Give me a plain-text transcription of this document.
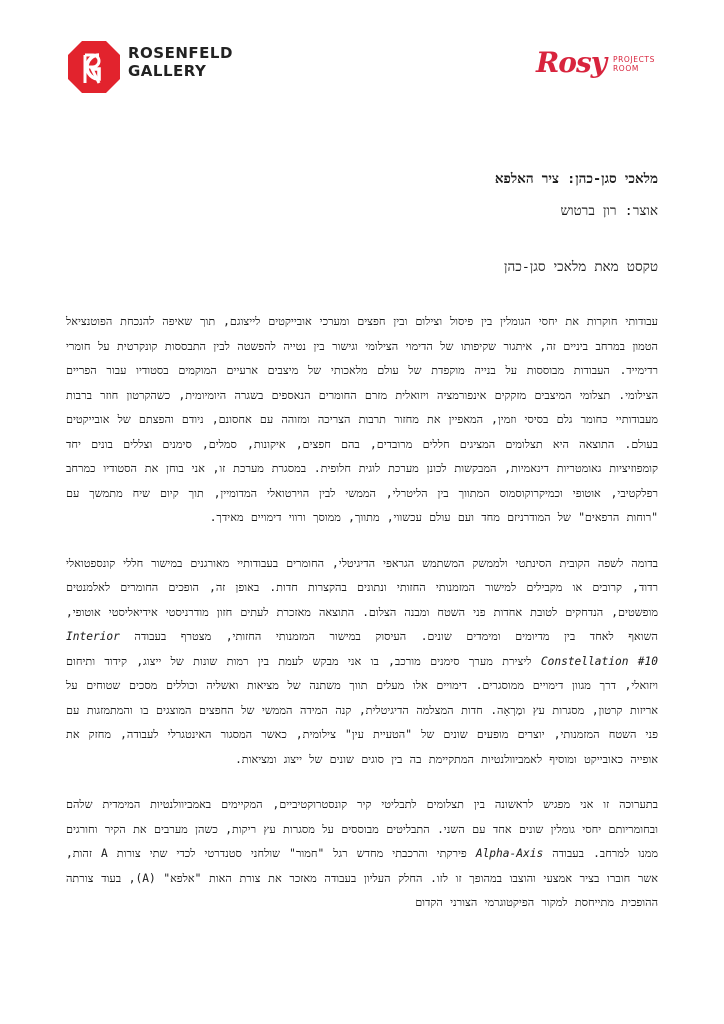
ROSENFELD
GALLERY	Rosy PROJECTS
ROOM
מלאכי סגן-כהן: ציר האלפא
אוצר: רון ברטוש
טקסט מאת מלאכי סגן-כהן

עבודותי חוקרות את יחסי הגומלין בין פיסול וצילום ובין חפצים ומערכי אובייקטים לייצוגם, תוך שאיפה להנכחת הפוטנציאל הטמון במרחב ביניים זה, איתגור שקיפותו של הדימוי הצילומי וגישור בין נטייה להפשטה לבין התבססות קונקרטית על חומרי רדימייד. העבודות מבוססות על בנייה מוקפדת של עולם מלאכותי של מיצבים ארעיים המוקמים בסטודיו עבור הפריים הצילומי. תצלומי המיצבים מזקקים אינפורמציה ויזואלית מזרם החומרים הנאספים בשגרה היומיומית, כשהקרטון חוזר ברבות מעבודותיי כחומר גלם בסיסי וזמין, המאפיין את מחזור תרבות הצריכה ומזוהה עם אחסונם, ניודם והפצתם של אובייקטים בעולם. התוצאה היא תצלומים המציגים חללים מרובדים, בהם חפצים, איקונות, סמלים, סימנים וצללים בונים יחד קומפוזיציות גאומטריות דינאמיות, המבקשות לכונן מערכת לוגית חלופית. במסגרת מערכת זו, אני בוחן את הסטודיו כמרחב רפלקטיבי, אוטופי וכמיקרוקוסמוס המתווך בין הליטרלי, הממשי לבין הוירטואלי המדומיין, תוך קיום שיח מתמשך עם "רוחות הרפאים" של המודרניזם מחד ועם עולם עכשווי, מתווך, ממוסך ורווי דימויים מאידך.

בדומה לשפה הקובית הסינתטי ולממשק המשתמש הגראפי הדיגיטלי, החומרים בעבודותיי מאורגנים במישור חללי קונספטואלי רדוד, קרובים או מקבילים למישור המזמנותי החזותי ונתונים בהקצרות חדות. באופן זה, הופכים החומרים לאלמנטים מופשטים, הנדחקים לטובת אחדות פני השטח ומבנה הצלום. התוצאה מאזכרת לעתים חזון מודרניסטי אידיאליסטי אוטופי, השואף לאחד בין מדיומים ומימדים שונים. העיסוק במישור המזמנותי החזותי, מצטרף בעבודה Interior Constellation #10 ליצירת מערך סימנים מורכב, בו אני מבקש לעמת בין רמות שונות של ייצוג, קידוד ותיחום ויזואלי, דרך מגוון דימויים ממוסגרים. דימויים אלו מעלים תווך משתנה של מציאות ואשליה וכוללים מסכים שטוחים על אריזות קרטון, מסגרות עץ ומַרְאָה. חדות המצלמה הדיגיטלית, קנה המידה הממשי של החפצים המוצגים בו והמתמזגות עם פני השטח המזמנותי, יוצרים מופעים שונים של "הטעיית עין" צילומית, כאשר המסגור האינטגרלי לעבודה, מחזק את אופייה כאובייקט ומוסיף לאמביוולנטיות המתקיימת בה בין סוגים שונים של ייצוג ומציאות.

בתערוכה זו אני מפגיש לראשונה בין תצלומים לתבליטי קיר קונסטרוקטיביים, המקיימים באמביוולנטיות המימדית שלהם ובחומריותם יחסי גומלין שונים אחד עם השני. התבליטים מבוססים על מסגרות עץ ריקות, כשהן מערבים את הקיר וחורגים ממנו למרחב. בעבודה Alpha-Axis פירקתי והרכבתי מחדש רגל "חמור" שולחני סטנדרטי לכדי שתי צורות A זהות, אשר חוברו בציר אמצעי והוצבו במהופך זו לזו. החלק העליון בעבודה מאזכר את צורת האות "אלפא" (A), בעוד צורתה ההופכית מתייחסת למקור הפיקטוגרמי הצורני הקדום
